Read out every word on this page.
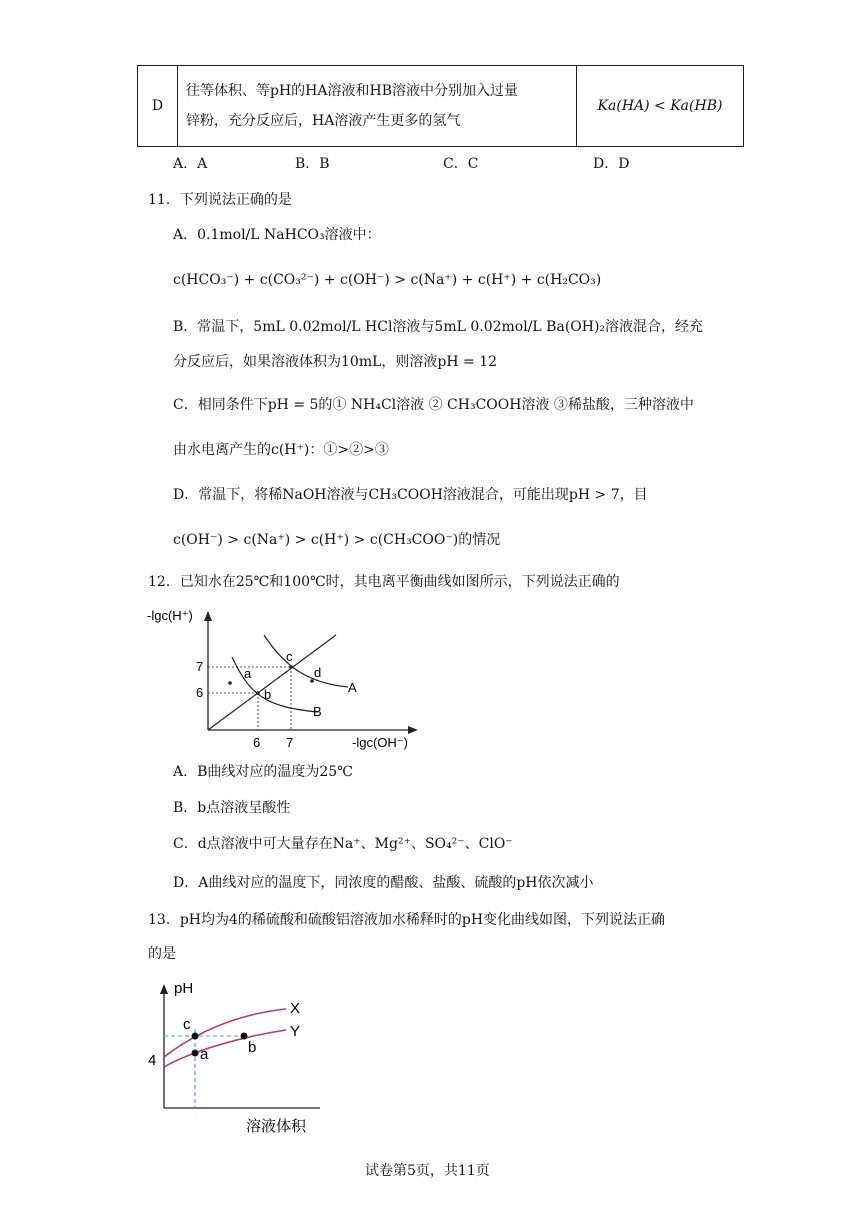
D	
往等体积、等pH的HA溶液和HB溶液中分别加入过量
锌粉，充分反应后，HA溶液产生更多的氢气
	Ka(HA) < Ka(HB)
A．A	B．B	C．C	D．D
11．下列说法正确的是
A．0.1mol/L NaHCO₃溶液中：
c(HCO₃⁻) + c(CO₃²⁻) + c(OH⁻) > c(Na⁺) + c(H⁺) + c(H₂CO₃)
B．常温下，5mL 0.02mol/L HCl溶液与5mL 0.02mol/L Ba(OH)₂溶液混合，经充
分反应后，如果溶液体积为10mL，则溶液pH = 12
C．相同条件下pH = 5的① NH₄Cl溶液 ② CH₃COOH溶液 ③稀盐酸，三种溶液中
由水电离产生的c(H⁺)：①>②>③
D．常温下，将稀NaOH溶液与CH₃COOH溶液混合，可能出现pH > 7，目
c(OH⁻) > c(Na⁺) > c(H⁺) > c(CH₃COO⁻)的情况
12．已知水在25℃和100℃时，其电离平衡曲线如图所示，下列说法正确的
-lgc(H⁺)
-lgc(OH⁻)
7
6
6 7
a
b
c
d
A
B
A．B曲线对应的温度为25℃
B．b点溶液呈酸性
C．d点溶液中可大量存在Na⁺、Mg²⁺、SO₄²⁻、ClO⁻
D．A曲线对应的温度下，同浓度的醋酸、盐酸、硫酸的pH依次减小
13．pH均为4的稀硫酸和硫酸铝溶液加水稀释时的pH变化曲线如图，下列说法正确
的是
pH
溶液体积
4
X
Y
c
a	b
试卷第5页，共11页
